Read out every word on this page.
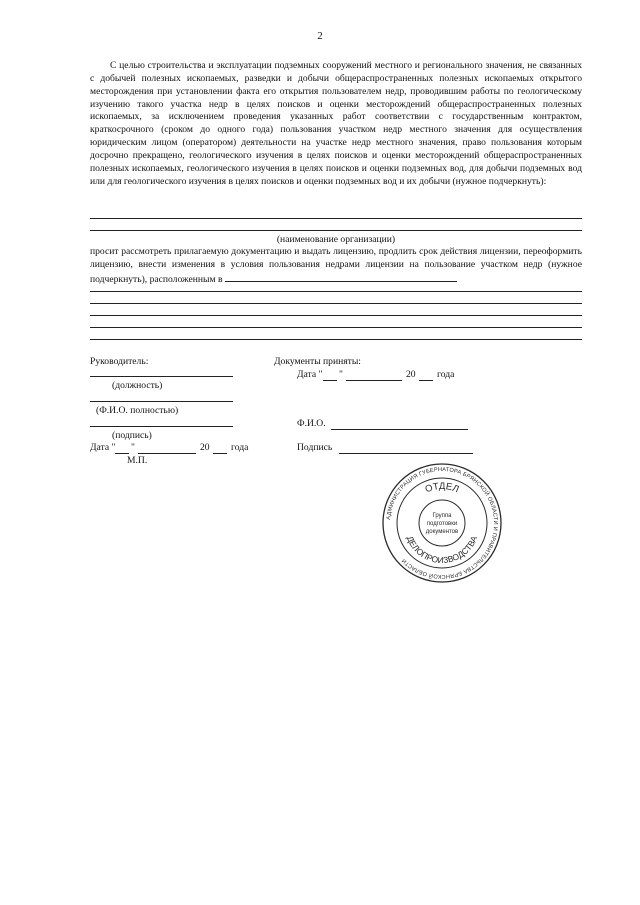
2
С целью строительства и эксплуатации подземных сооружений местного и регионального значения, не связанных с добычей полезных ископаемых, разведки и добычи общераспространенных полезных ископаемых открытого месторождения при установлении факта его открытия пользователем недр, проводившим работы по геологическому изучению такого участка недр в целях поисков и оценки месторождений общераспространенных полезных ископаемых, за исключением проведения указанных работ соответствии с государственным контрактом, краткосрочного (сроком до одного года) пользования участком недр местного значения для осуществления юридическим лицом (оператором) деятельности на участке недр местного значения, право пользования которым досрочно прекращено, геологического изучения в целях поисков и оценки месторождений общераспространенных полезных ископаемых, геологического изучения в целях поисков и оценки подземных вод, для добычи подземных вод или для геологического изучения в целях поисков и оценки подземных вод и их добычи (нужное подчеркнуть):
(наименование организации)
просит рассмотреть прилагаемую документацию и выдать лицензию, продлить срок действия лицензии, переоформить лицензию, внести изменения в условия пользования недрами лицензии на пользование участком недр (нужное подчеркнуть), расположенным в
Руководитель:
(должность)
(Ф.И.О. полностью)
(подпись)
Дата " "	20 года
М.П.
Документы приняты:
Дата " "	20 года
Ф.И.О.
Подпись
АДМИНИСТРАЦИЯ ГУБЕРНАТОРА БРЯНСКОЙ ОБЛАСТИ И ПРАВИТЕЛЬСТВА БРЯНСКОЙ ОБЛАСТИ
ОТДЕЛ
ДЕЛОПРОИЗВОДСТВА
Группа
подготовки
документов
